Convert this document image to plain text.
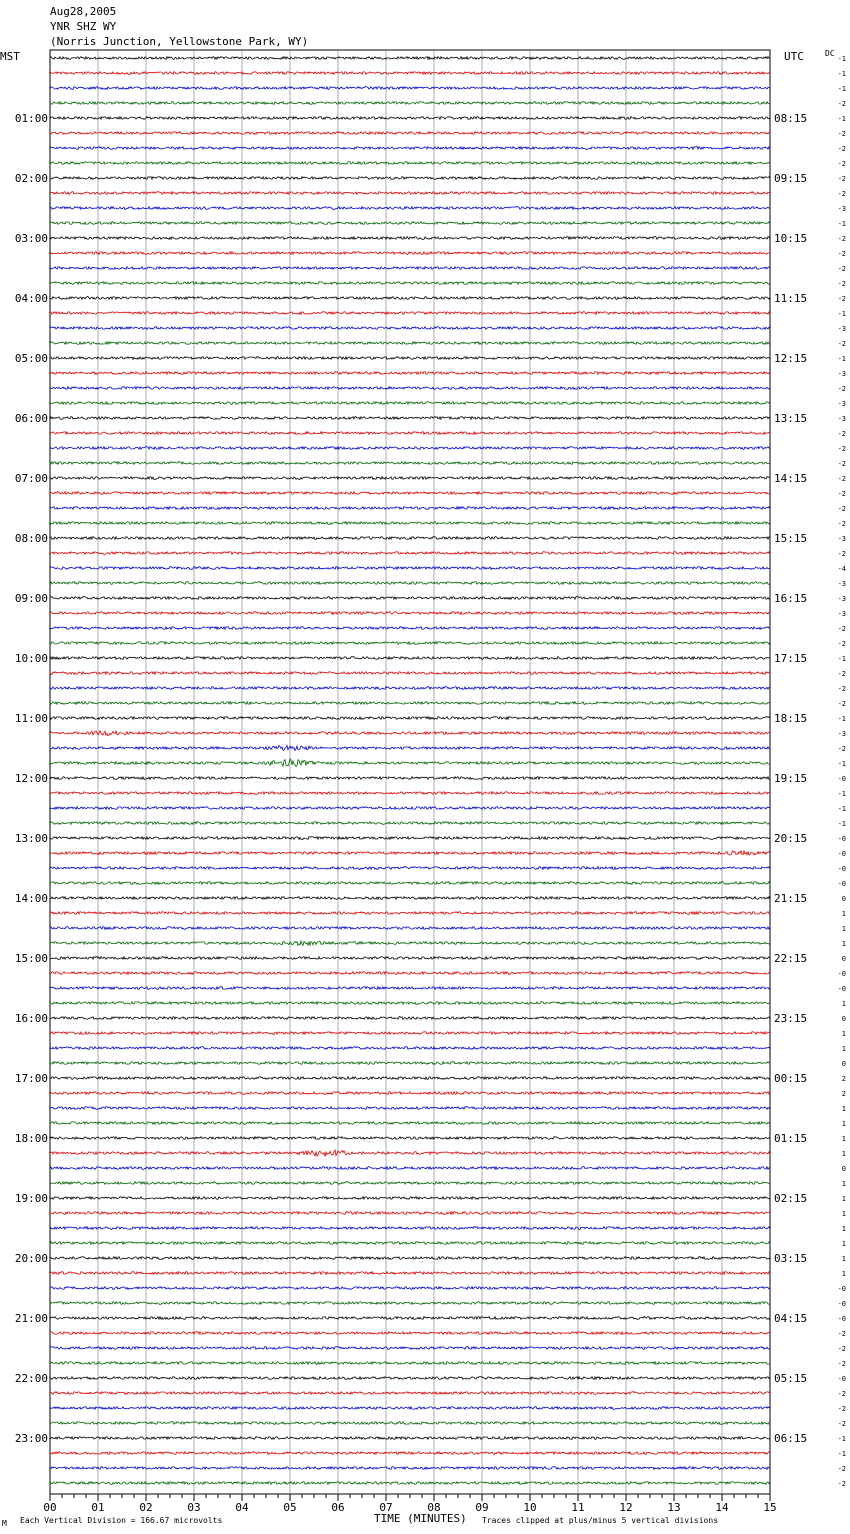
Aug28,2005
YNR SHZ WY
(Norris Junction, Yellowstone Park, WY)
MST	UTC	DC
-1
-1
-1
-2
-1
-2
-2
-2
-2
-2
-3
-1
-2
-2
-2
-2
-2
-1
-3
-2
-1
-3
-2
-3
-3
-2
-2
-2
-2
-2
-2
-2
-3
-2
-4
-3
-3
-3
-2
-2
-1
-2
-2
-2
-1
-3
-2
-1
-0
-1
-1
-1
-0
-0
-0
-0
0
1
1
1
0
-0
-0
1
0
1
1
0
2
2
1
1
1
1
0
1
1
1
1
1
1
1
-0
-0
-0
-2
-2
-2
-0
-2
-2
-2
-1
-1
-2
-2
01:00
02:00
03:00
04:00
05:00
06:00
07:00
08:00
09:00
10:00
11:00
12:00
13:00
14:00
15:00
16:00
17:00
18:00
19:00
20:00
21:00
22:00
23:00
08:15
09:15
10:15
11:15
12:15
13:15
14:15
15:15
16:15
17:15
18:15
19:15
20:15
21:15
22:15
23:15
00:15
01:15
02:15
03:15
04:15
05:15
06:15
00	01	02	03	04	05	06	07	08	09	10	11	12	13	14	15
M Each Vertical Division = 166.67 microvolts	TIME (MINUTES) Traces clipped at plus/minus 5 vertical divisions
